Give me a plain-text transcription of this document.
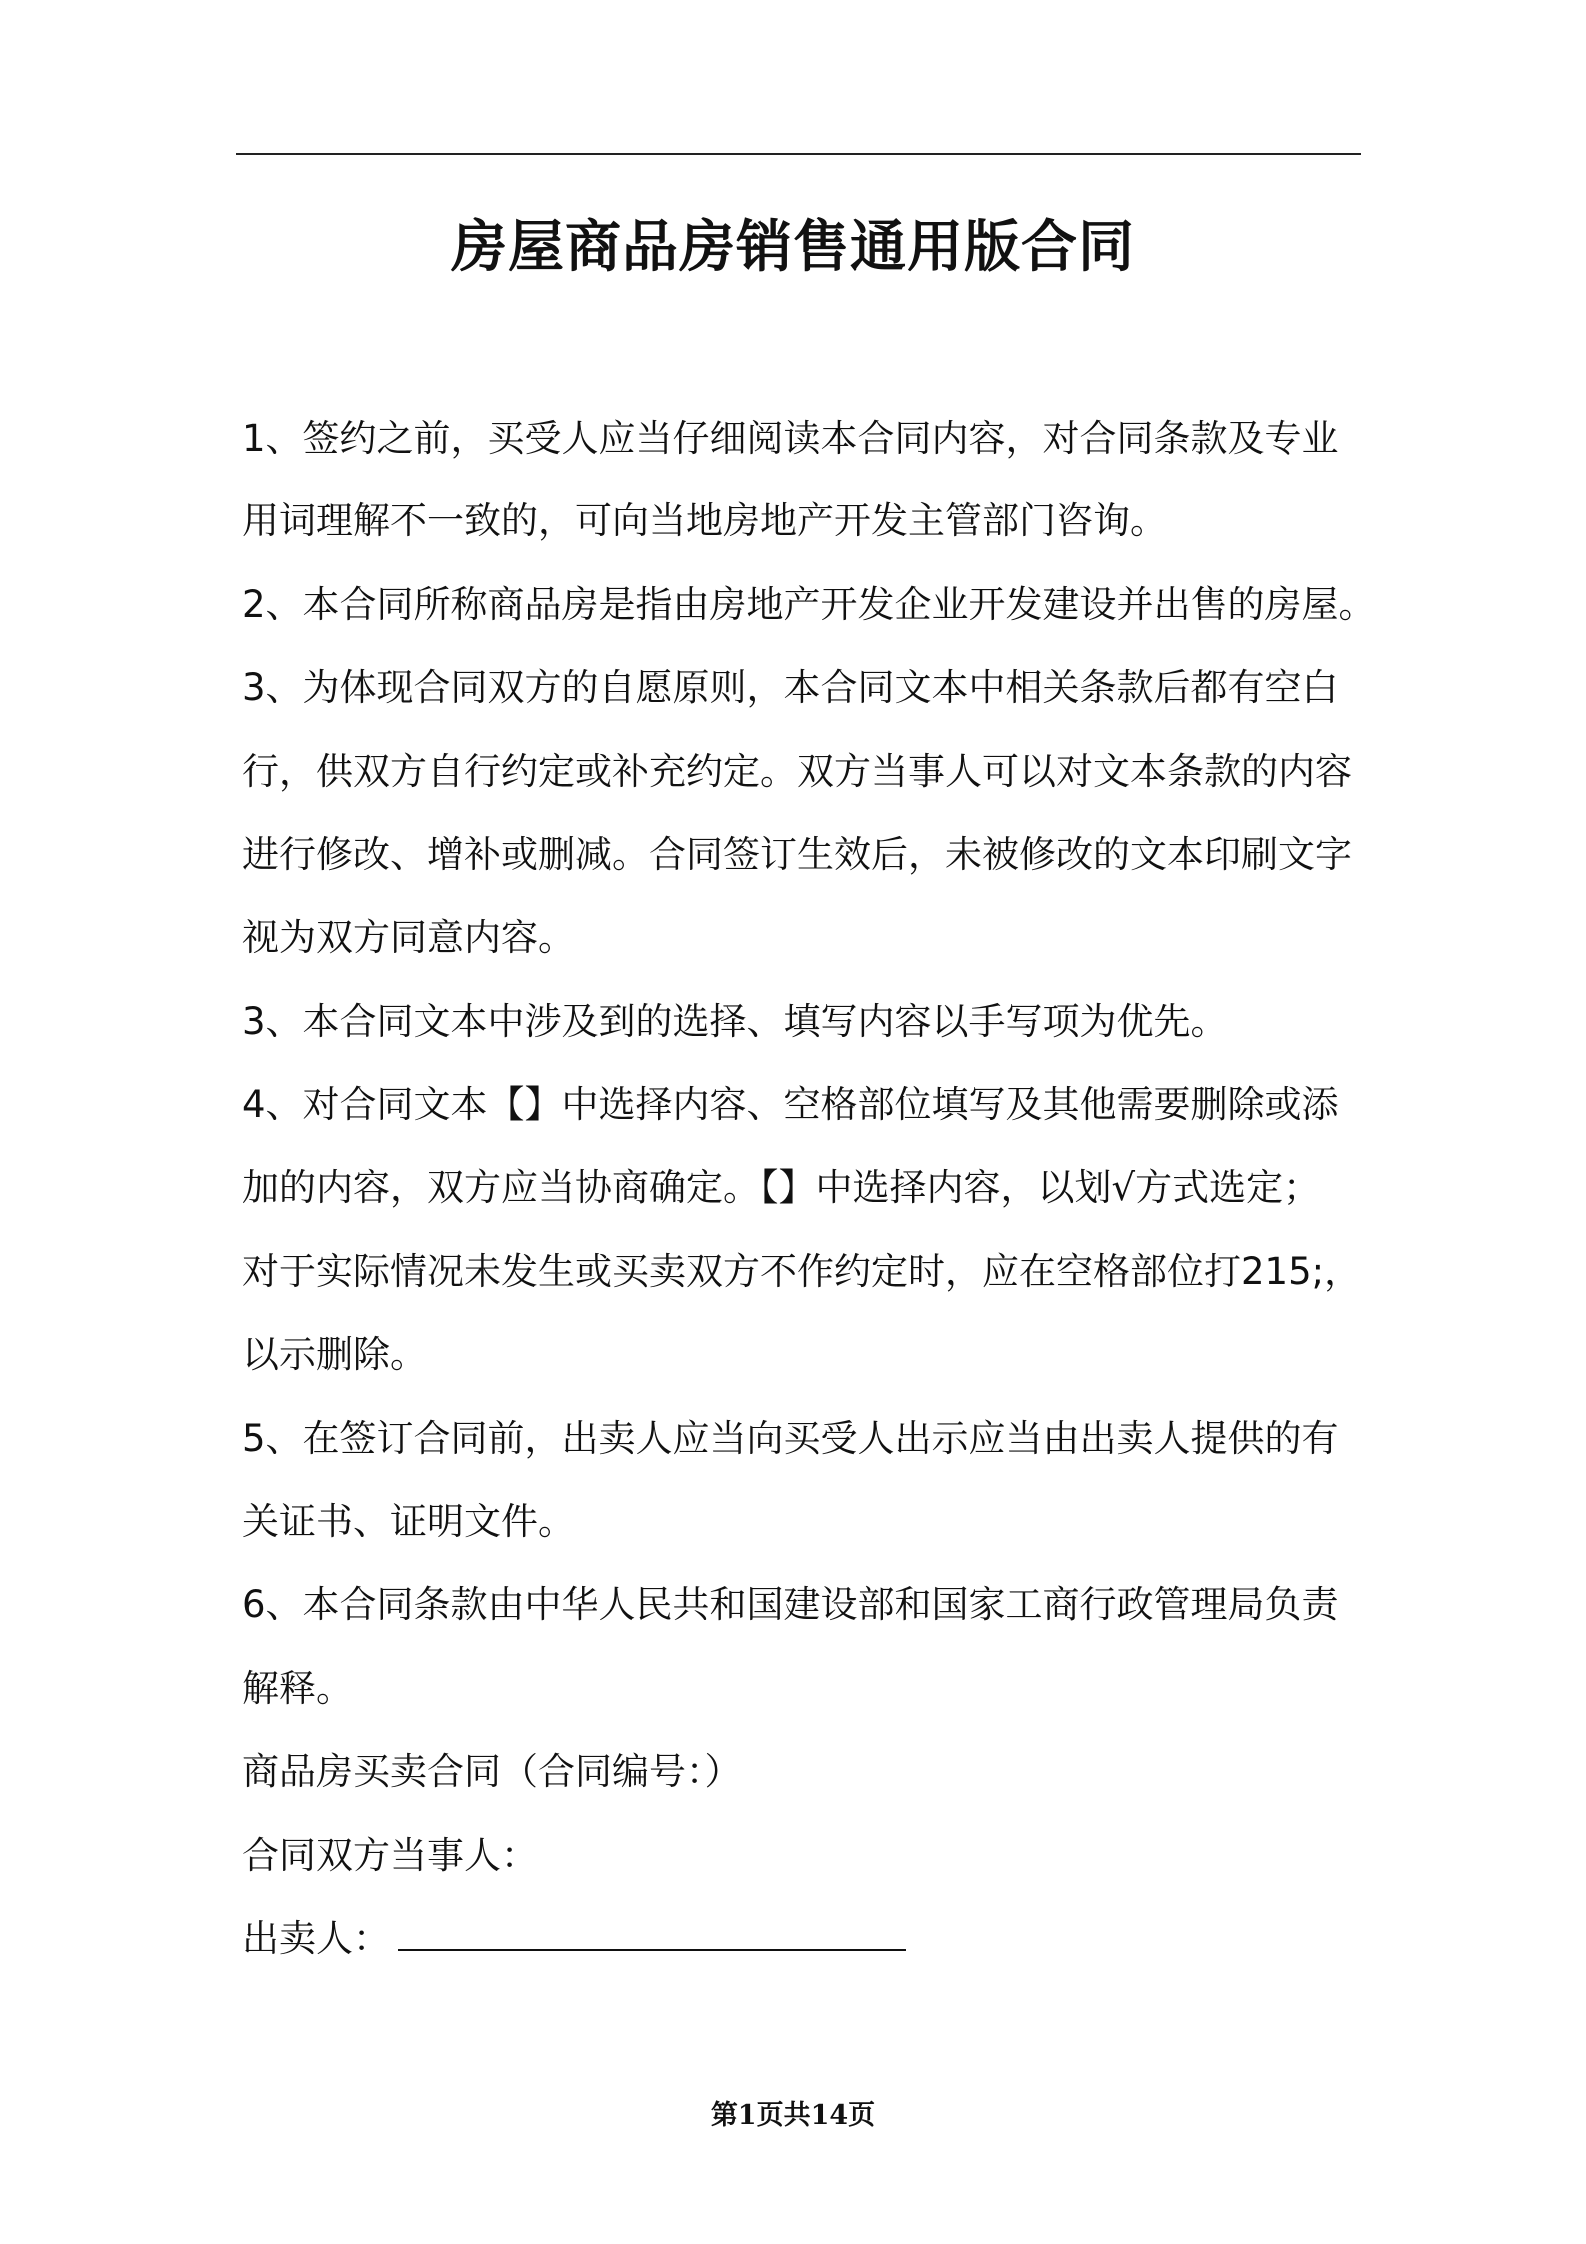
房屋商品房销售通用版合同
1、签约之前，买受人应当仔细阅读本合同内容，对合同条款及专业
用词理解不一致的，可向当地房地产开发主管部门咨询。
2、本合同所称商品房是指由房地产开发企业开发建设并出售的房屋。
3、为体现合同双方的自愿原则，本合同文本中相关条款后都有空白
行，供双方自行约定或补充约定。双方当事人可以对文本条款的内容
进行修改、增补或删减。合同签订生效后，未被修改的文本印刷文字
视为双方同意内容。
3、本合同文本中涉及到的选择、填写内容以手写项为优先。
4、对合同文本【】中选择内容、空格部位填写及其他需要删除或添
加的内容，双方应当协商确定。【】中选择内容，以划√方式选定；
对于实际情况未发生或买卖双方不作约定时，应在空格部位打215;，
以示删除。
5、在签订合同前，出卖人应当向买受人出示应当由出卖人提供的有
关证书、证明文件。
6、本合同条款由中华人民共和国建设部和国家工商行政管理局负责
解释。
商品房买卖合同（合同编号：）
合同双方当事人：
出卖人：
第1页共14页
